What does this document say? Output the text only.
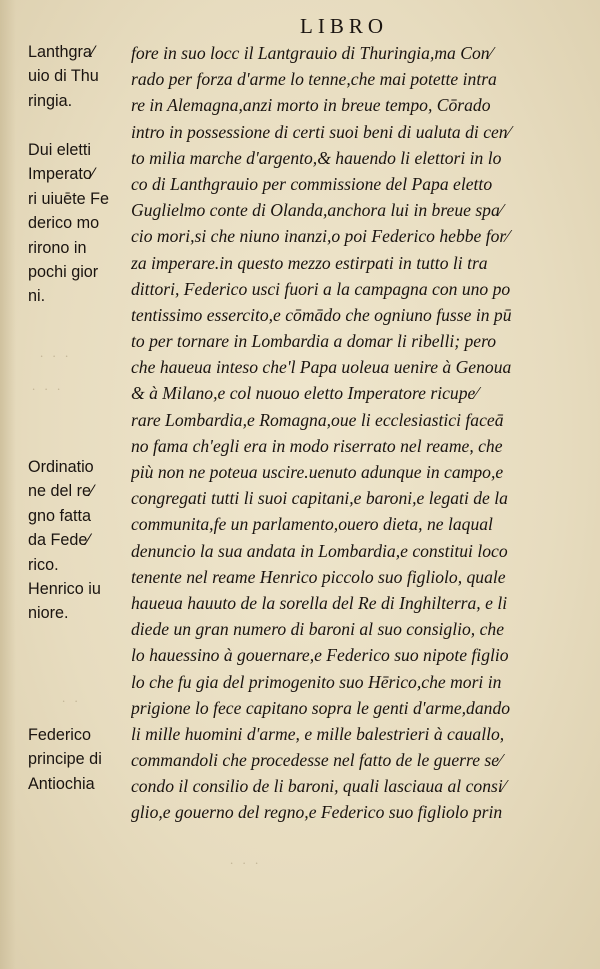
LIBRO
Lanthgra⁄
uio di Thu
ringia.
Dui eletti
Imperato⁄
ri uiuēte Fe
derico mo
rirono in
pochi gior
ni.
Ordinatio
ne del re⁄
gno fatta
da Fede⁄
rico.
Henrico iu
niore.
Federico
principe di
Antiochia
. . .
. . .
. .
. . .
fore in suo locc il Lantgrauio di Thuringia,ma Con⁄
rado per forza d'arme lo tenne,che mai potette intra
re in Alemagna,anzi morto in breue tempo, Cōrado
intro in possessione di certi suoi beni di ualuta di cen⁄
to milia marche d'argento,& hauendo li elettori in lo
co di Lanthgrauio per commissione del Papa eletto
Guglielmo conte di Olanda,anchora lui in breue spa⁄
cio mori,si che niuno inanzi,o poi Federico hebbe for⁄
za imperare.in questo mezzo estirpati in tutto li tra
dittori, Federico usci fuori a la campagna con uno po
tentissimo essercito,e cōmādo che ogniuno fusse in pū
to per tornare in Lombardia a domar li ribelli; pero
che haueua inteso che'l Papa uoleua uenire à Genoua
& à Milano,e col nuouo eletto Imperatore ricupe⁄
rare Lombardia,e Romagna,oue li ecclesiastici faceā
no fama ch'egli era in modo riserrato nel reame, che
più non ne poteua uscire.uenuto adunque in campo,e
congregati tutti li suoi capitani,e baroni,e legati de la
communita,fe un parlamento,ouero dieta, ne laqual
denuncio la sua andata in Lombardia,e constitui loco
tenente nel reame Henrico piccolo suo figliolo, quale
haueua hauuto de la sorella del Re di Inghilterra, e li
diede un gran numero di baroni al suo consiglio, che
lo hauessino à gouernare,e Federico suo nipote figlio
lo che fu gia del primogenito suo Hērico,che mori in
prigione lo fece capitano sopra le genti d'arme,dando
li mille huomini d'arme, e mille balestrieri à cauallo,
commandoli che procedesse nel fatto de le guerre se⁄
condo il consilio de li baroni, quali lasciaua al consi⁄
glio,e gouerno del regno,e Federico suo figliolo prin
